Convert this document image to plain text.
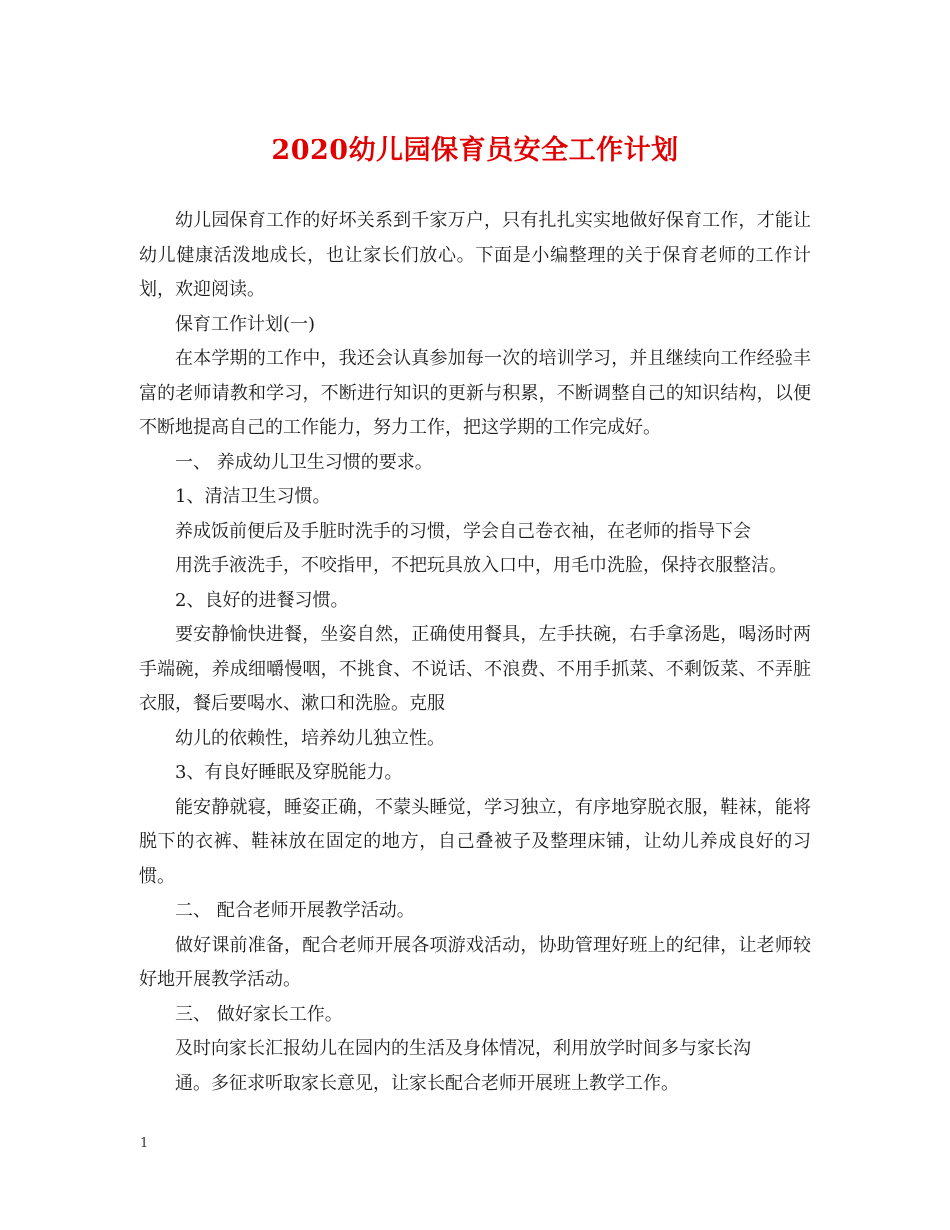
2020幼儿园保育员安全工作计划

幼儿园保育工作的好坏关系到千家万户，只有扎扎实实地做好保育工作，才能让幼儿健康活泼地成长，也让家长们放心。下面是小编整理的关于保育老师的工作计划，欢迎阅读。

保育工作计划(一)

在本学期的工作中，我还会认真参加每一次的培训学习，并且继续向工作经验丰富的老师请教和学习，不断进行知识的更新与积累，不断调整自己的知识结构，以便不断地提高自己的工作能力，努力工作，把这学期的工作完成好。

一、 养成幼儿卫生习惯的要求。

1、清洁卫生习惯。

养成饭前便后及手脏时洗手的习惯，学会自己卷衣袖，在老师的指导下会

用洗手液洗手，不咬指甲，不把玩具放入口中，用毛巾洗脸，保持衣服整洁。

2、良好的进餐习惯。

要安静愉快进餐，坐姿自然，正确使用餐具，左手扶碗，右手拿汤匙，喝汤时两手端碗，养成细嚼慢咽，不挑食、不说话、不浪费、不用手抓菜、不剩饭菜、不弄脏衣服，餐后要喝水、漱口和洗脸。克服

幼儿的依赖性，培养幼儿独立性。

3、有良好睡眠及穿脱能力。

能安静就寝，睡姿正确，不蒙头睡觉，学习独立，有序地穿脱衣服，鞋袜，能将脱下的衣裤、鞋袜放在固定的地方，自己叠被子及整理床铺，让幼儿养成良好的习惯。

二、 配合老师开展教学活动。

做好课前准备，配合老师开展各项游戏活动，协助管理好班上的纪律，让老师较好地开展教学活动。

三、 做好家长工作。

及时向家长汇报幼儿在园内的生活及身体情况，利用放学时间多与家长沟

通。多征求听取家长意见，让家长配合老师开展班上教学工作。

1
